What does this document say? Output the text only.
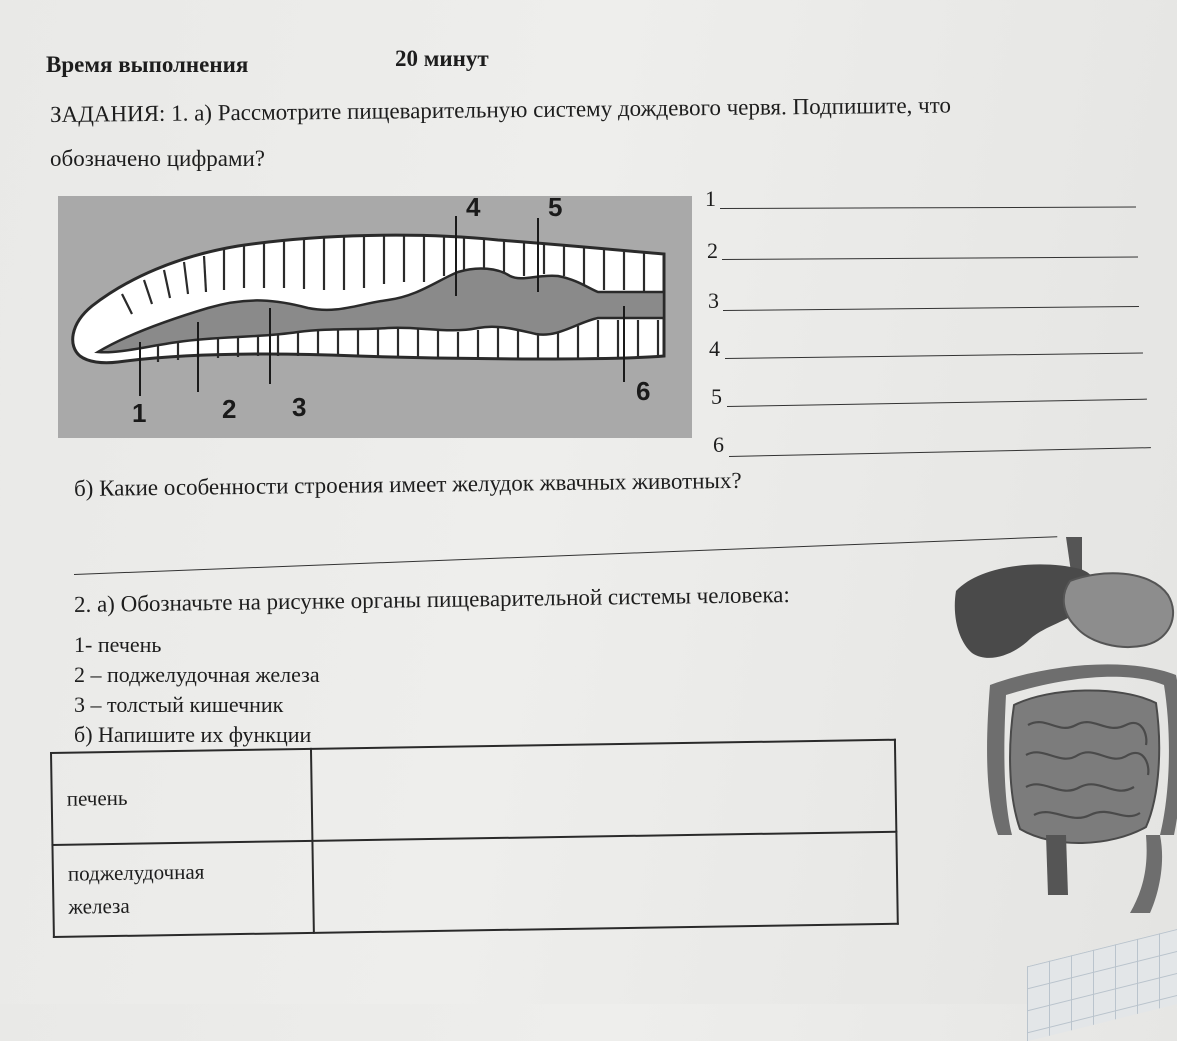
Время выполнения	20 минут
ЗАДАНИЯ: 1. а) Рассмотрите пищеварительную систему дождевого червя. Подпишите, что
обозначено цифрами?
1	2 3
4	5
6
1
2
3
4
5
6
б) Какие особенности строения имеет желудок жвачных животных?
2. а) Обозначьте на рисунке органы пищеварительной системы человека:
1- печень
2 – поджелудочная железа
3 – толстый кишечник
б) Напишите их функции
печень	
поджелудочная
железа	
